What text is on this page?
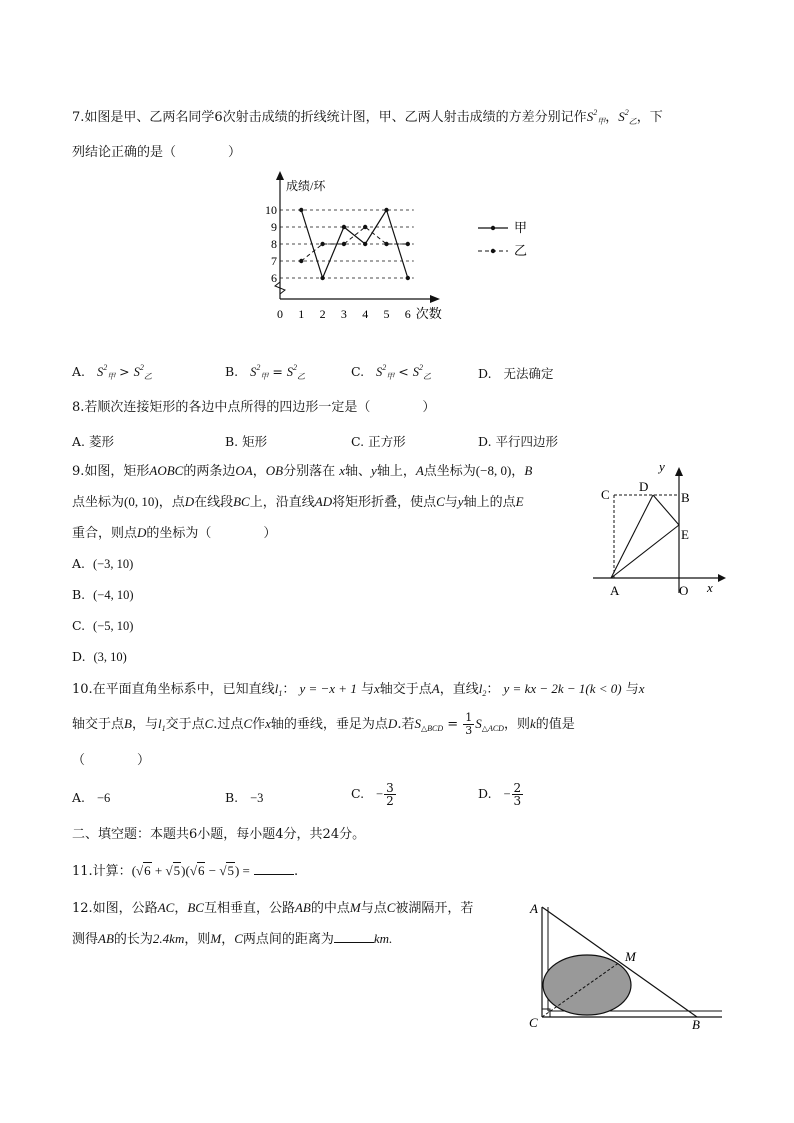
7.如图是甲、乙两名同学6次射击成绩的折线统计图，甲、乙两人射击成绩的方差分别记作$S^2_甲$，$S^2_乙$，下
列结论正确的是（　　　　）
10
9
8
7
6
0 1 2 3 4 5 6
成绩/环
次数
甲
乙
A. $S^2_甲 > S^2_乙$	B. $S^2_甲 = S^2_乙$	C. $S^2_甲 < S^2_乙$	D. 无法确定
8.若顺次连接矩形的各边中点所得的四边形一定是（　　　　）
A. 菱形	B. 矩形	C. 正方形	D. 平行四边形
9.如图，矩形AOBC的两条边OA，OB分别落在 x轴、y轴上，A点坐标为(−8, 0)，B
点坐标为(0, 10)，点D在线段BC上，沿直线AD将矩形折叠，使点C与y轴上的点E
重合，则点D的坐标为（　　　　）
A. (−3, 10)
B. (−4, 10)
C. (−5, 10)
D. (3, 10)
y
x
C
D
B
E
A	O
10.在平面直角坐标系中，已知直线$l_1$： y = −x + 1 与x轴交于点A，直线$l_2$： y = kx − 2k − 1(k < 0) 与x
轴交于点B，与$l_1$交于点C.过点C作x轴的垂线，垂足为点D.若$S_{\triangle BCD} = \frac{1}{3} S_{\triangle ACD}$，则k的值是
（　　　　）
A. −6	B. −3	C. − $\frac{3}{2}$	D. − $\frac{2}{3}$
二、填空题：本题共6小题，每小题4分，共24分。
11.计算：(√6 + √5)(√6 − √5) =	.
12.如图，公路AC，BC互相垂直，公路AB的中点M与点C被湖隔开，若
测得AB的长为2.4km，则M，C两点间的距离为	km.
A
M
C	B
